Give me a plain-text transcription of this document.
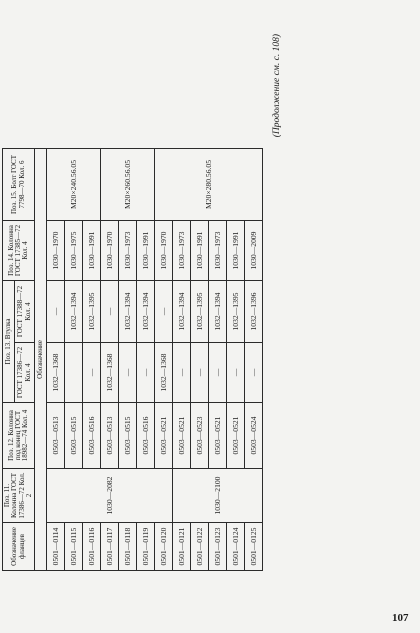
Обозначение фланцев	Поз. 11. Колонна ГОСТ 17386—72 Кол. 2	Поз. 12. Колонна под конец ГОСТ 18982—74 Кол. 4	Поз. 13. Втулка		Поз. 14. Колонна ГОСТ 17385—72 Кол. 4	Поз. 15. Болт ГОСТ 7798—70 Кол. 6
			ГОСТ 17386—72 Кол. 4	ГОСТ 17388—72 Кол. 4		
Обозначение						
0501—0114	1030—2082	0503—0513	1032—1368	—	1030—1970	М20×240.56.05
0501—0115		0503—0515		1032—1394	1030—1975	
0501—0116		0503—0516	—	1032—1395	1030—1991	
0501—0117		0503—0513	1032—1368	—	1030—1970	М20×260.56.05
0501—0118		0503—0515	—	1032—1394	1030—1973	
0501—0119		0503—0516	—	1032—1394	1030—1991	
0501—0120		0503—0521	1032—1368	—	1030—1970	М20×280.56.05
0501—0121	1030—2100	0503—0521	—	1032—1394	1030—1973	
0501—0122		0503—0523	—	1032—1395	1030—1991	
0501—0123		0503—0521	—	1032—1394	1030—1973	
0501—0124		0503—0521	—	1032—1395	1030—1991	
0501—0125		0503—0524	—	1032—1396	1030—2009	
(Продолжение см. с. 108)
107
